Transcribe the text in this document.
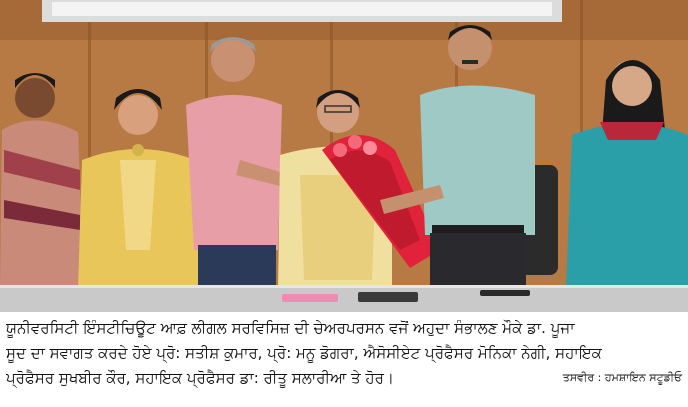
ਯੂਨੀਵਰਸਿਟੀ ਇੰਸਟੀਚਿਊਟ ਆਫ਼ ਲੀਗਲ ਸਰਵਿਸਿਜ਼ ਦੀ ਚੇਅਰਪਰਸਨ ਵਜੋਂ ਅਹੁਦਾ ਸੰਭਾਲਣ ਮੌਕੇ ਡਾ. ਪੂਜਾ
ਸੂਦ ਦਾ ਸਵਾਗਤ ਕਰਦੇ ਹੋਏ ਪ੍ਰੋ: ਸਤੀਸ਼ ਕੁਮਾਰ, ਪ੍ਰੋ: ਮਨੂ ਡੋਗਰਾ, ਐਸੋਸੀਏਟ ਪ੍ਰੋਫੈਸਰ ਮੋਨਿਕਾ ਨੇਗੀ, ਸਹਾਇਕ
ਪ੍ਰੋਫੈਸਰ ਸੁਖਬੀਰ ਕੌਰ, ਸਹਾਇਕ ਪ੍ਰੋਫੈਸਰ ਡਾ: ਰੀਤੂ ਸਲਾਰੀਆ ਤੇ ਹੋਰ।	ਤਸਵੀਰ : ਹਮਸ਼ਾਇਨ ਸਟੂਡੀਓ
